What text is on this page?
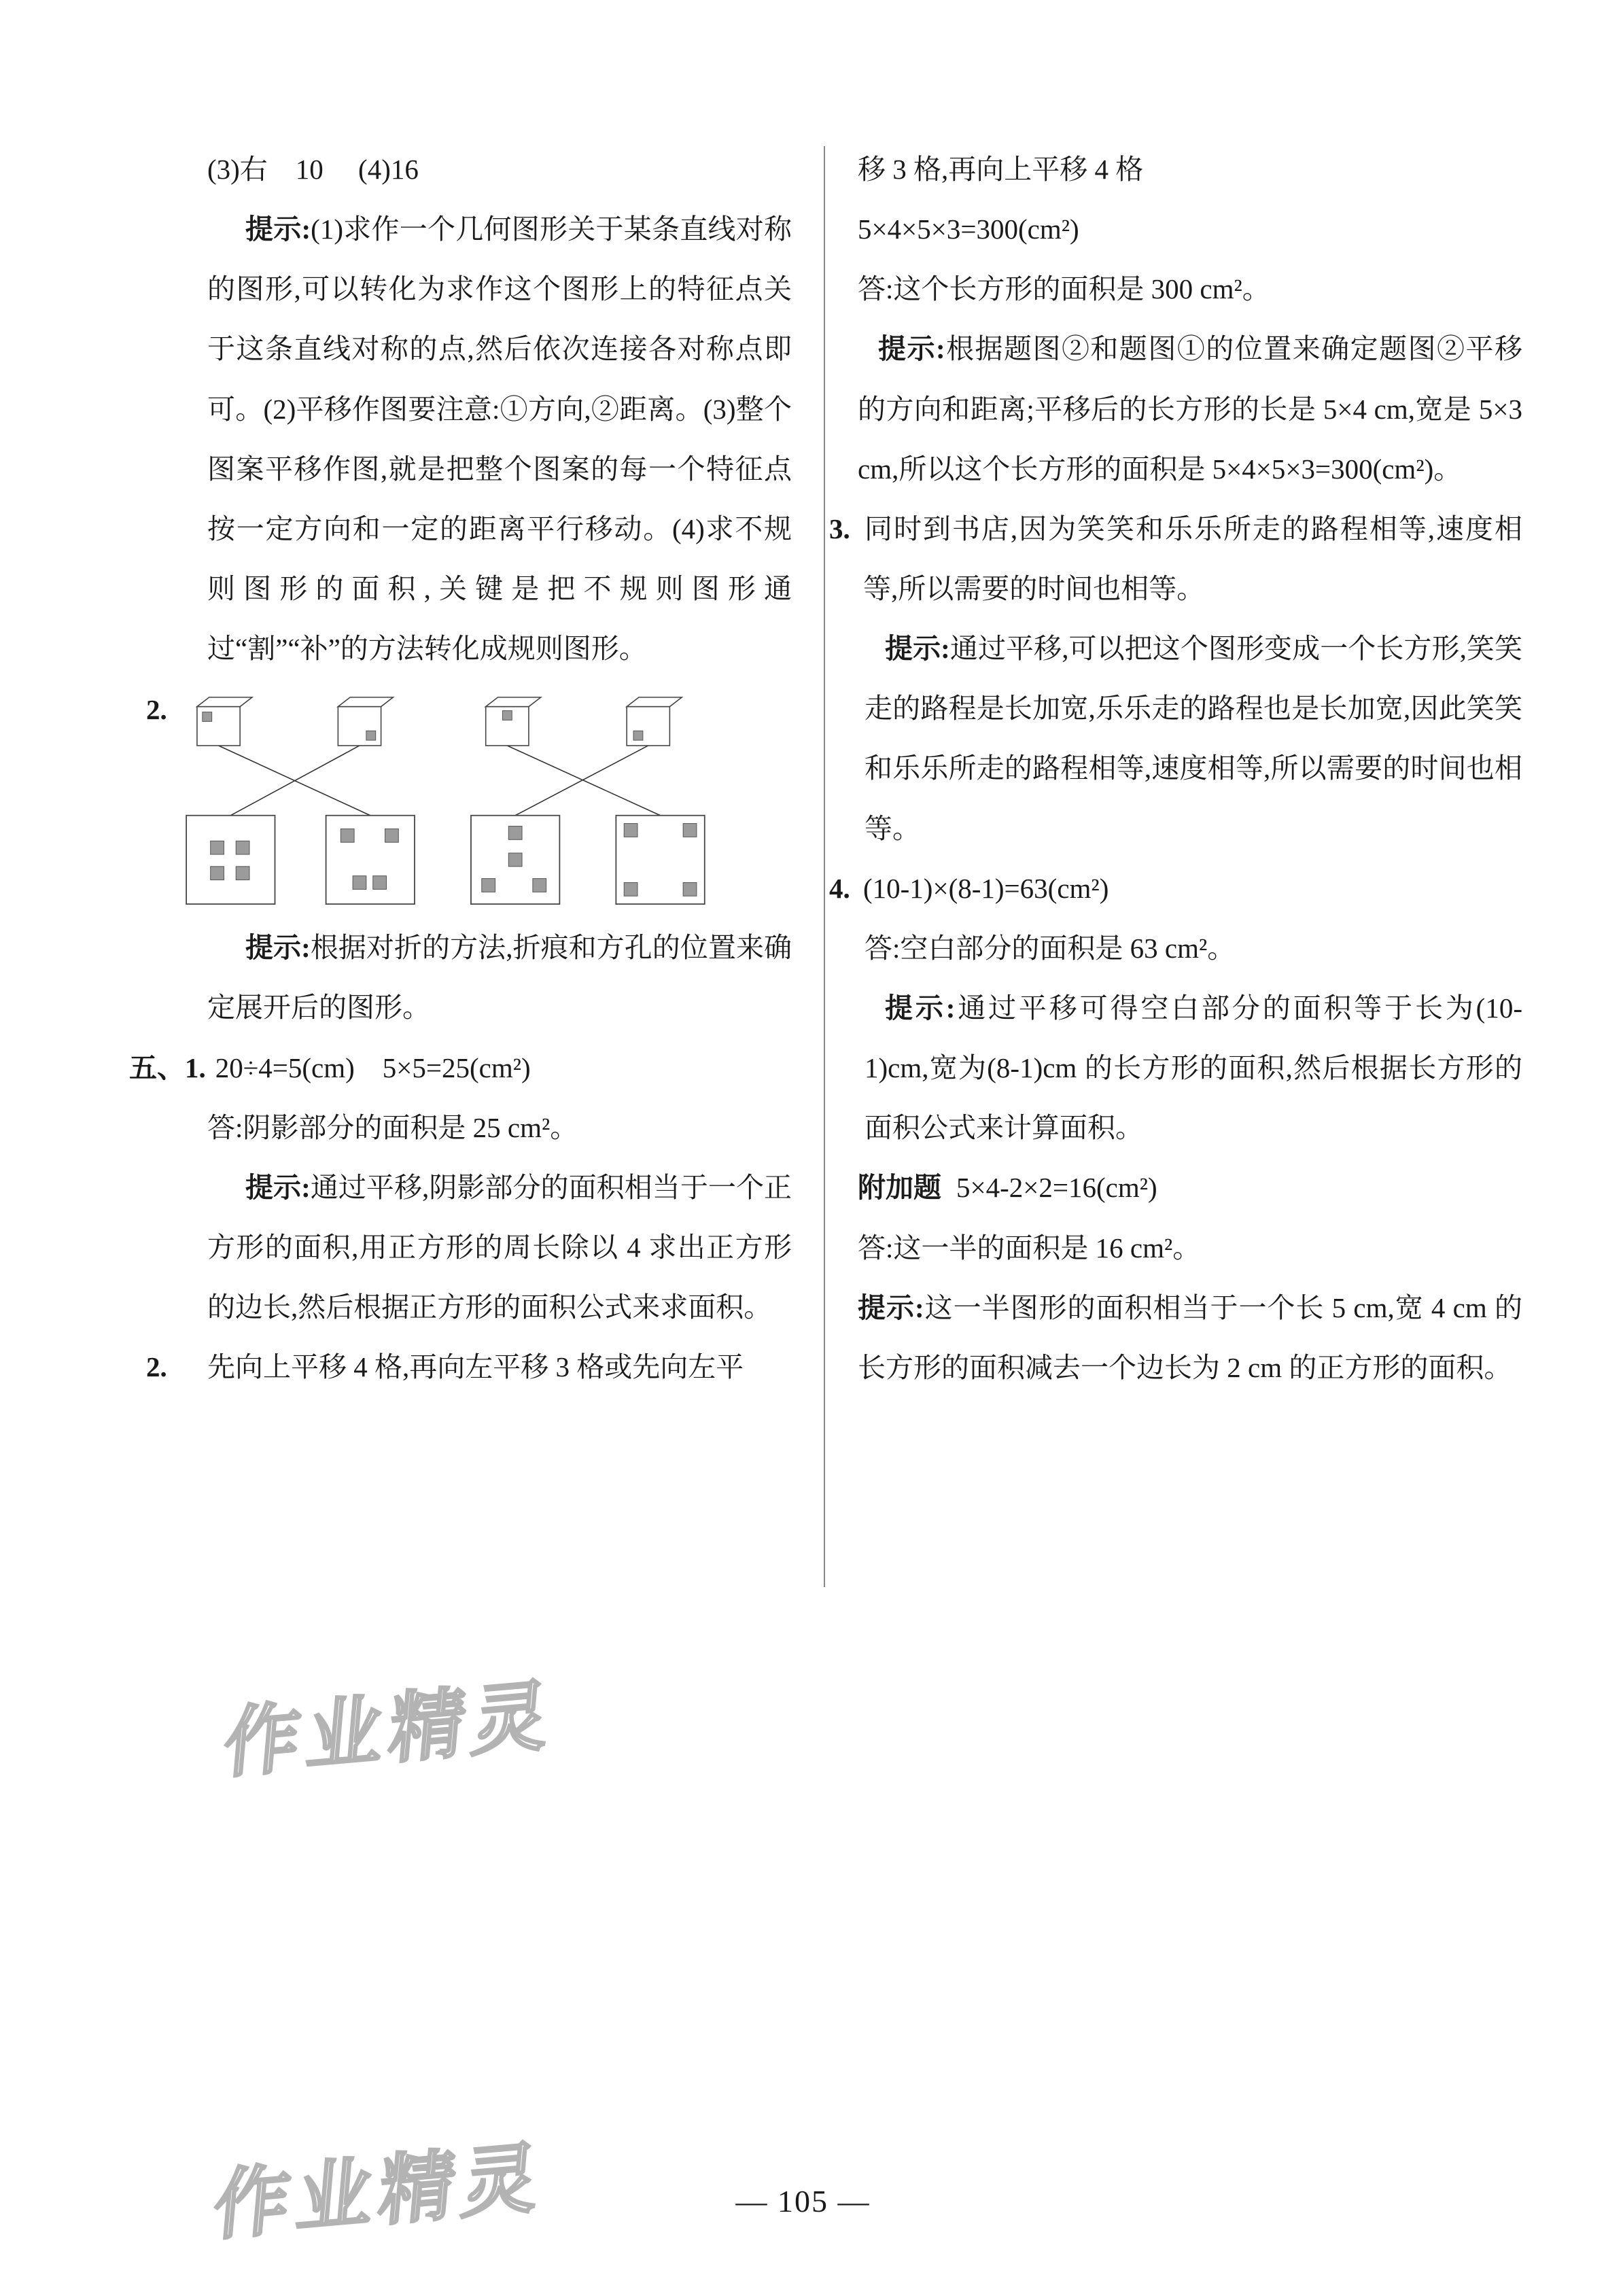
(3)右　10　 (4)16

提示:(1)求作一个几何图形关于某条直线对称的图形,可以转化为求作这个图形上的特征点关于这条直线对称的点,然后依次连接各对称点即可。(2)平移作图要注意:①方向,②距离。(3)整个图案平移作图,就是把整个图案的每一个特征点按一定方向和一定的距离平行移动。(4)求不规则图形的面积,关键是把不规则图形通过“割”“补”的方法转化成规则图形。

2.

提示:根据对折的方法,折痕和方孔的位置来确定展开后的图形。

五、1. 20÷4=5(cm)　5×5=25(cm²)

答:阴影部分的面积是 25 cm²。

提示:通过平移,阴影部分的面积相当于一个正方形的面积,用正方形的周长除以 4 求出正方形的边长,然后根据正方形的面积公式来求面积。

2. 先向上平移 4 格,再向左平移 3 格或先向左平

移 3 格,再向上平移 4 格

5×4×5×3=300(cm²)

答:这个长方形的面积是 300 cm²。

提示:根据题图②和题图①的位置来确定题图②平移的方向和距离;平移后的长方形的长是 5×4 cm,宽是 5×3 cm,所以这个长方形的面积是 5×4×5×3=300(cm²)。

3. 同时到书店,因为笑笑和乐乐所走的路程相等,速度相等,所以需要的时间也相等。

提示:通过平移,可以把这个图形变成一个长方形,笑笑走的路程是长加宽,乐乐走的路程也是长加宽,因此笑笑和乐乐所走的路程相等,速度相等,所以需要的时间也相等。

4. (10-1)×(8-1)=63(cm²)

答:空白部分的面积是 63 cm²。

提示:通过平移可得空白部分的面积等于长为(10-1)cm,宽为(8-1)cm 的长方形的面积,然后根据长方形的面积公式来计算面积。

附加题 5×4-2×2=16(cm²)

答:这一半的面积是 16 cm²。

提示:这一半图形的面积相当于一个长 5 cm,宽 4 cm 的长方形的面积减去一个边长为 2 cm 的正方形的面积。

作业精灵
作业精灵	— 105 —
